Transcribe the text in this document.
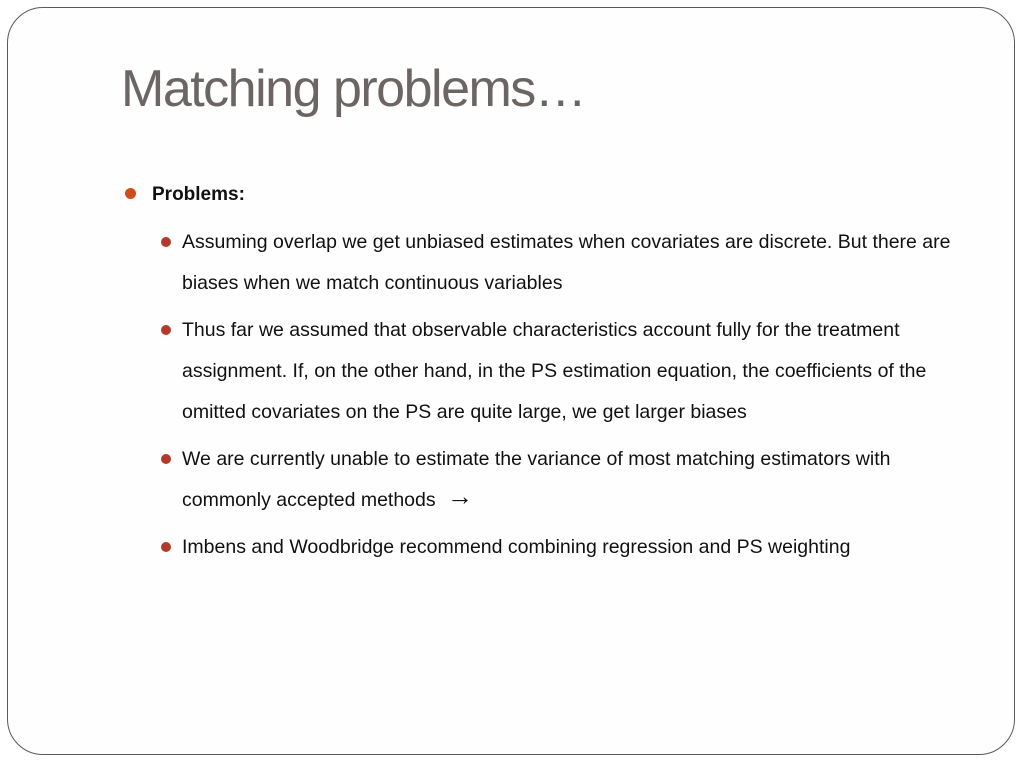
Matching problems…
Problems:
Assuming overlap we get unbiased estimates when covariates are discrete. But there are biases when we match continuous variables
Thus far we assumed that observable characteristics account fully for the treatment assignment. If, on the other hand, in the PS estimation equation, the coefficients of the omitted covariates on the PS are quite large, we get larger biases
We are currently unable to estimate the variance of most matching estimators with commonly accepted methods →
Imbens and Woodbridge recommend combining regression and PS weighting
